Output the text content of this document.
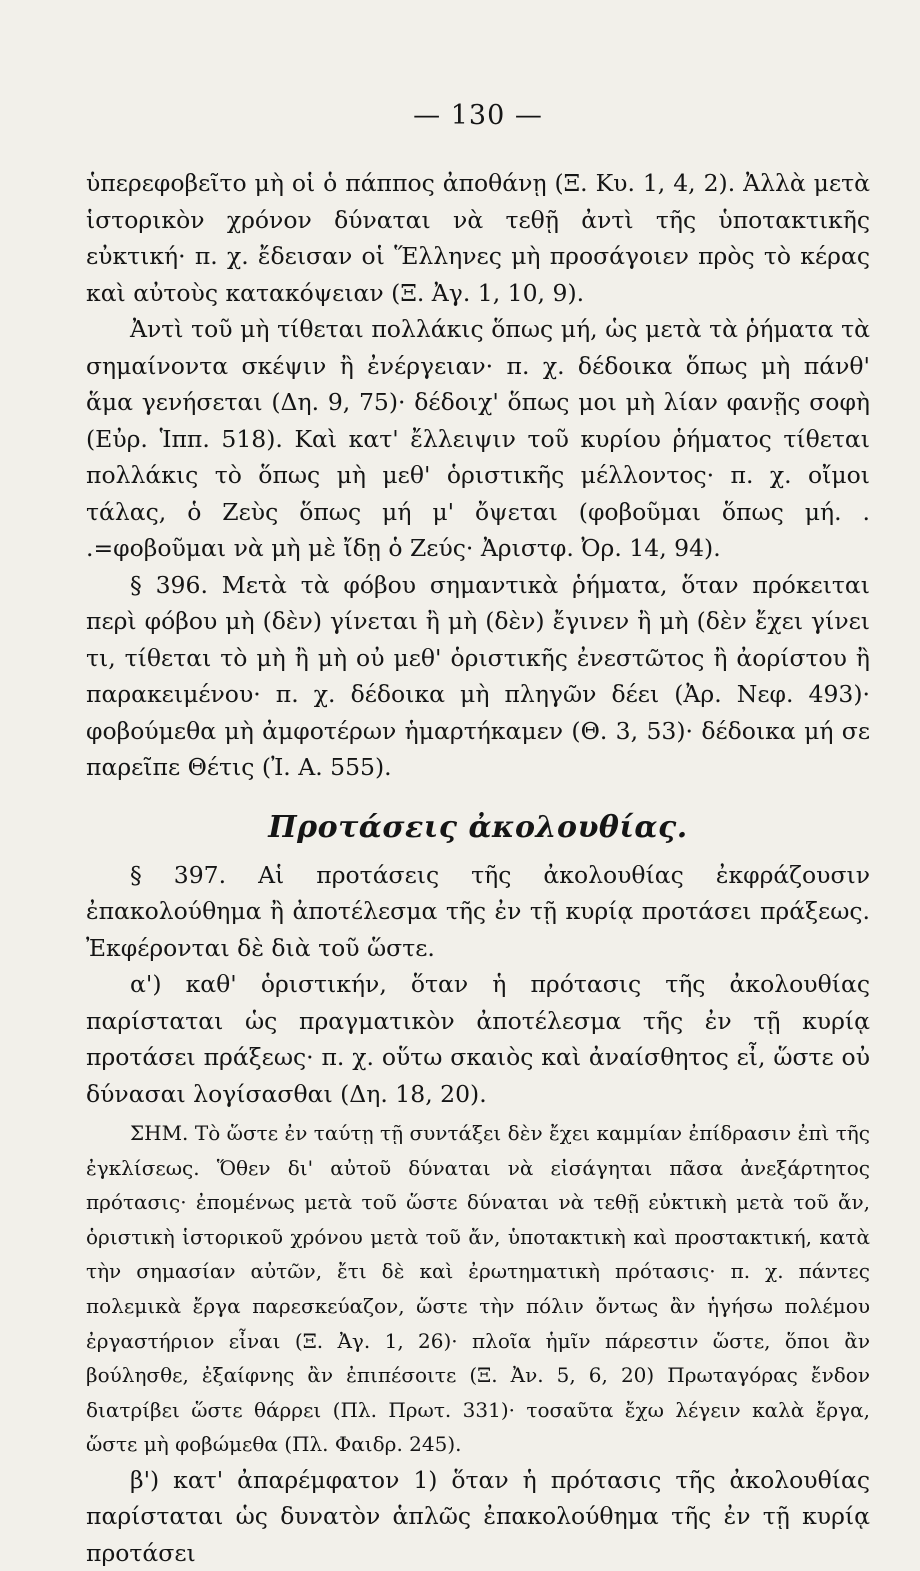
— 130 —

ὑπερεφοβεῖτο μὴ οἱ ὁ πάππος ἀποθάνῃ (Ξ. Κυ. 1, 4, 2). Ἀλλὰ μετὰ ἱστορικὸν χρόνον δύναται νὰ τεθῇ ἀντὶ τῆς ὑποτακτικῆς εὐκτική· π. χ. ἔδεισαν οἱ Ἕλληνες μὴ προσάγοιεν πρὸς τὸ κέρας καὶ αὐτοὺς κατακόψειαν (Ξ. Ἀγ. 1, 10, 9).

Ἀντὶ τοῦ μὴ τίθεται πολλάκις ὅπως μή, ὡς μετὰ τὰ ῥήματα τὰ σημαίνοντα σκέψιν ἢ ἐνέργειαν· π. χ. δέδοικα ὅπως μὴ πάνθ' ἅμα γενήσεται (Δη. 9, 75)· δέδοιχ' ὅπως μοι μὴ λίαν φανῇς σοφὴ (Εὐρ. Ἱππ. 518). Καὶ κατ' ἔλλειψιν τοῦ κυρίου ῥήματος τίθεται πολλάκις τὸ ὅπως μὴ μεθ' ὁριστικῆς μέλλοντος· π. χ. οἴμοι τάλας, ὁ Ζεὺς ὅπως μή μ' ὄψεται (φοβοῦμαι ὅπως μή. . .=φοβοῦμαι νὰ μὴ μὲ ἴδῃ ὁ Ζεύς· Ἀριστφ. Ὀρ. 14, 94).

§ 396. Μετὰ τὰ φόβου σημαντικὰ ῥήματα, ὅταν πρόκειται περὶ φόβου μὴ (δὲν) γίνεται ἢ μὴ (δὲν) ἔγινεν ἢ μὴ (δὲν ἔχει γίνει τι, τίθεται τὸ μὴ ἢ μὴ οὐ μεθ' ὁριστικῆς ἐνεστῶτος ἢ ἀορίστου ἢ παρακειμένου· π. χ. δέδοικα μὴ πληγῶν δέει (Ἀρ. Νεφ. 493)· φοβούμεθα μὴ ἀμφοτέρων ἡμαρτήκαμεν (Θ. 3, 53)· δέδοικα μή σε παρεῖπε Θέτις (Ἰ. Α. 555).

Προτάσεις ἀκολουθίας.

§ 397. Αἱ προτάσεις τῆς ἀκολουθίας ἐκφράζουσιν ἐπακολούθημα ἢ ἀποτέλεσμα τῆς ἐν τῇ κυρίᾳ προτάσει πράξεως. Ἐκφέρονται δὲ διὰ τοῦ ὥστε.

α') καθ' ὁριστικήν, ὅταν ἡ πρότασις τῆς ἀκολουθίας παρίσταται ὡς πραγματικὸν ἀποτέλεσμα τῆς ἐν τῇ κυρίᾳ προτάσει πράξεως· π. χ. οὕτω σκαιὸς καὶ ἀναίσθητος εἶ, ὥστε οὐ δύνασαι λογίσασθαι (Δη. 18, 20).

ΣΗΜ. Τὸ ὥστε ἐν ταύτῃ τῇ συντάξει δὲν ἔχει καμμίαν ἐπίδρασιν ἐπὶ τῆς ἐγκλίσεως. Ὅθεν δι' αὐτοῦ δύναται νὰ εἰσάγηται πᾶσα ἀνεξάρτητος πρότασις· ἐπομένως μετὰ τοῦ ὥστε δύναται νὰ τεθῇ εὐκτικὴ μετὰ τοῦ ἄν, ὁριστικὴ ἱστορικοῦ χρόνου μετὰ τοῦ ἄν, ὑποτακτικὴ καὶ προστακτική, κατὰ τὴν σημασίαν αὐτῶν, ἔτι δὲ καὶ ἐρωτηματικὴ πρότασις· π. χ. πάντες πολεμικὰ ἔργα παρεσκεύαζον, ὥστε τὴν πόλιν ὄντως ἂν ἡγήσω πολέμου ἐργαστήριον εἶναι (Ξ. Ἀγ. 1, 26)· πλοῖα ἡμῖν πάρεστιν ὥστε, ὅποι ἂν βούλησθε, ἐξαίφνης ἂν ἐπιπέσοιτε (Ξ. Ἀν. 5, 6, 20) Πρωταγόρας ἔνδον διατρίβει ὥστε θάρρει (Πλ. Πρωτ. 331)· τοσαῦτα ἔχω λέγειν καλὰ ἔργα, ὥστε μὴ φοβώμεθα (Πλ. Φαιδρ. 245).

β') κατ' ἀπαρέμφατον 1) ὅταν ἡ πρότασις τῆς ἀκολουθίας παρίσταται ὡς δυνατὸν ἁπλῶς ἐπακολούθημα τῆς ἐν τῇ κυρίᾳ προτάσει
